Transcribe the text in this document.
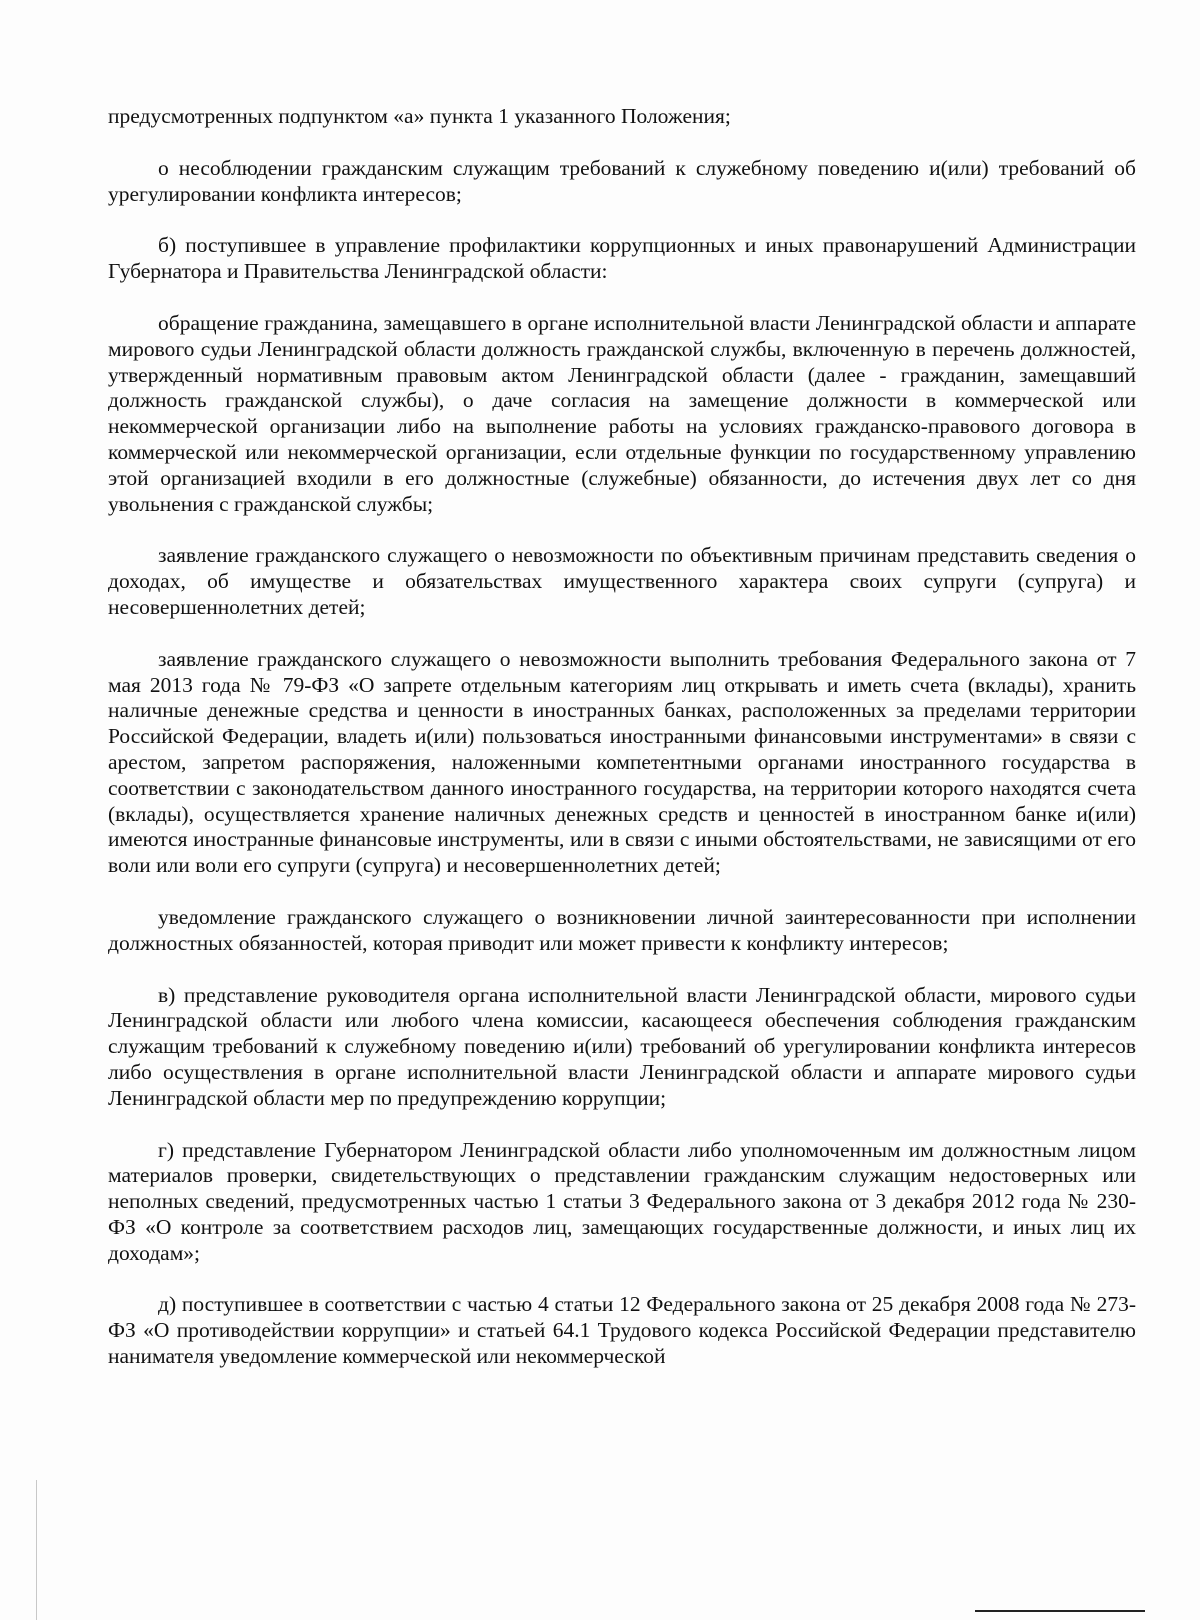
предусмотренных подпунктом «а» пункта 1 указанного Положения;

о несоблюдении гражданским служащим требований к служебному поведению и(или) требований об урегулировании конфликта интересов;

б) поступившее в управление профилактики коррупционных и иных правонарушений Администрации Губернатора и Правительства Ленинградской области:

обращение гражданина, замещавшего в органе исполнительной власти Ленинградской области и аппарате мирового судьи Ленинградской области должность гражданской службы, включенную в перечень должностей, утвержденный нормативным правовым актом Ленинградской области (далее - гражданин, замещавший должность гражданской службы), о даче согласия на замещение должности в коммерческой или некоммерческой организации либо на выполнение работы на условиях гражданско-правового договора в коммерческой или некоммерческой организации, если отдельные функции по государственному управлению этой организацией входили в его должностные (служебные) обязанности, до истечения двух лет со дня увольнения с гражданской службы;

заявление гражданского служащего о невозможности по объективным причинам представить сведения о доходах, об имуществе и обязательствах имущественного характера своих супруги (супруга) и несовершеннолетних детей;

заявление гражданского служащего о невозможности выполнить требования Федерального закона от 7 мая 2013 года № 79-ФЗ «О запрете отдельным категориям лиц открывать и иметь счета (вклады), хранить наличные денежные средства и ценности в иностранных банках, расположенных за пределами территории Российской Федерации, владеть и(или) пользоваться иностранными финансовыми инструментами» в связи с арестом, запретом распоряжения, наложенными компетентными органами иностранного государства в соответствии с законодательством данного иностранного государства, на территории которого находятся счета (вклады), осуществляется хранение наличных денежных средств и ценностей в иностранном банке и(или) имеются иностранные финансовые инструменты, или в связи с иными обстоятельствами, не зависящими от его воли или воли его супруги (супруга) и несовершеннолетних детей;

уведомление гражданского служащего о возникновении личной заинтересованности при исполнении должностных обязанностей, которая приводит или может привести к конфликту интересов;

в) представление руководителя органа исполнительной власти Ленинградской области, мирового судьи Ленинградской области или любого члена комиссии, касающееся обеспечения соблюдения гражданским служащим требований к служебному поведению и(или) требований об урегулировании конфликта интересов либо осуществления в органе исполнительной власти Ленинградской области и аппарате мирового судьи Ленинградской области мер по предупреждению коррупции;

г) представление Губернатором Ленинградской области либо уполномоченным им должностным лицом материалов проверки, свидетельствующих о представлении гражданским служащим недостоверных или неполных сведений, предусмотренных частью 1 статьи 3 Федерального закона от 3 декабря 2012 года № 230-ФЗ «О контроле за соответствием расходов лиц, замещающих государственные должности, и иных лиц их доходам»;

д) поступившее в соответствии с частью 4 статьи 12 Федерального закона от 25 декабря 2008 года № 273-ФЗ «О противодействии коррупции» и статьей 64.1 Трудового кодекса Российской Федерации представителю нанимателя уведомление коммерческой или некоммерческой
